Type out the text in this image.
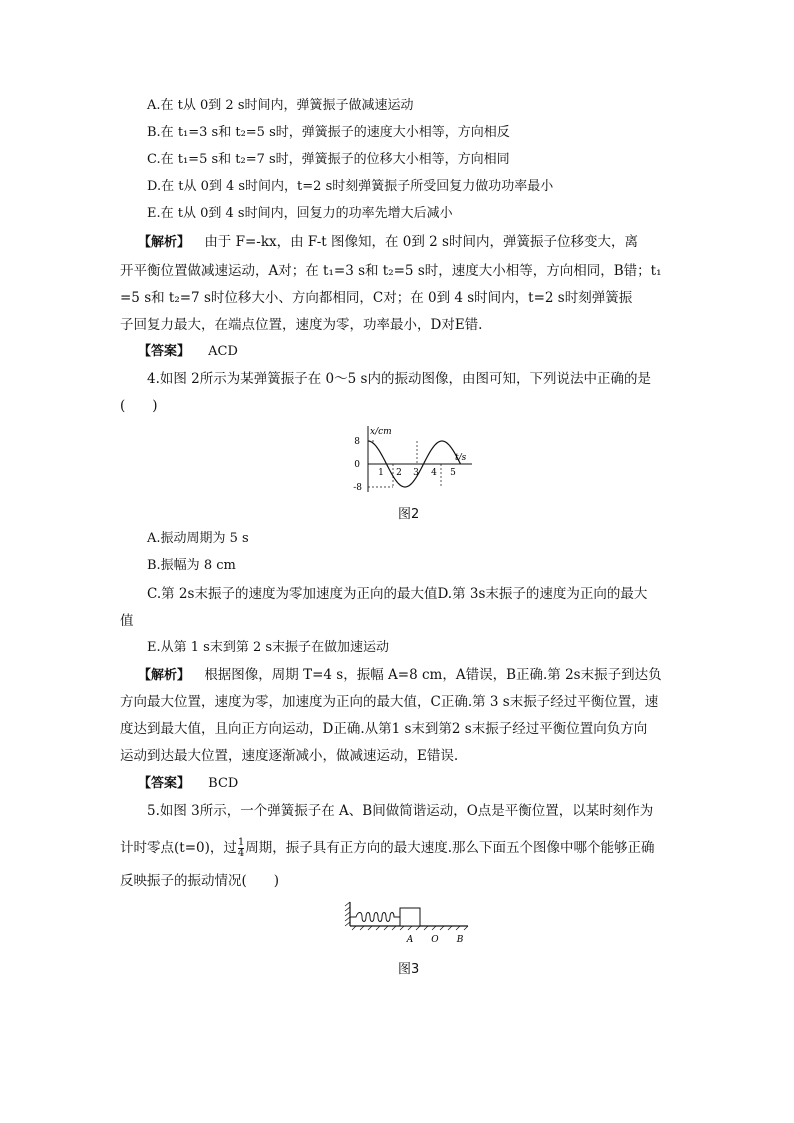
A.在 t从 0到 2 s时间内，弹簧振子做减速运动
B.在 t₁=3 s和 t₂=5 s时，弹簧振子的速度大小相等，方向相反
C.在 t₁=5 s和 t₂=7 s时，弹簧振子的位移大小相等，方向相同
D.在 t从 0到 4 s时间内，t=2 s时刻弹簧振子所受回复力做功功率最小
E.在 t从 0到 4 s时间内，回复力的功率先增大后减小
【解析】 由于 F=-kx，由 F-t 图像知，在 0到 2 s时间内，弹簧振子位移变大，离
开平衡位置做减速运动，A对；在 t₁=3 s和 t₂=5 s时，速度大小相等，方向相同，B错；t₁
=5 s和 t₂=7 s时位移大小、方向都相同，C对；在 0到 4 s时间内，t=2 s时刻弹簧振
子回复力最大，在端点位置，速度为零，功率最小，D对E错.
【答案】 ACD
4.如图 2所示为某弹簧振子在 0～5 s内的振动图像，由图可知，下列说法中正确的是
(　　)
x/cm
t/s
8
0
-8
1 2 3 4 5
图2
A.振动周期为 5 s
B.振幅为 8 cm
C.第 2s末振子的速度为零加速度为正向的最大值D.第 3s末振子的速度为正向的最大
值
E.从第 1 s末到第 2 s末振子在做加速运动
【解析】 根据图像，周期 T=4 s，振幅 A=8 cm，A错误，B正确.第 2s末振子到达负
方向最大位置，速度为零，加速度为正向的最大值，C正确.第 3 s末振子经过平衡位置，速
度达到最大值，且向正方向运动，D正确.从第1 s末到第2 s末振子经过平衡位置向负方向
运动到达最大位置，速度逐渐减小，做减速运动，E错误.
【答案】 BCD
5.如图 3所示，一个弹簧振子在 A、B间做简谐运动，O点是平衡位置，以某时刻作为
计时零点(t=0)，过 $\frac{1}{4}$ 周期，振子具有正方向的最大速度.那么下面五个图像中哪个能够正确
反映振子的振动情况(　　)
A O B
图3
